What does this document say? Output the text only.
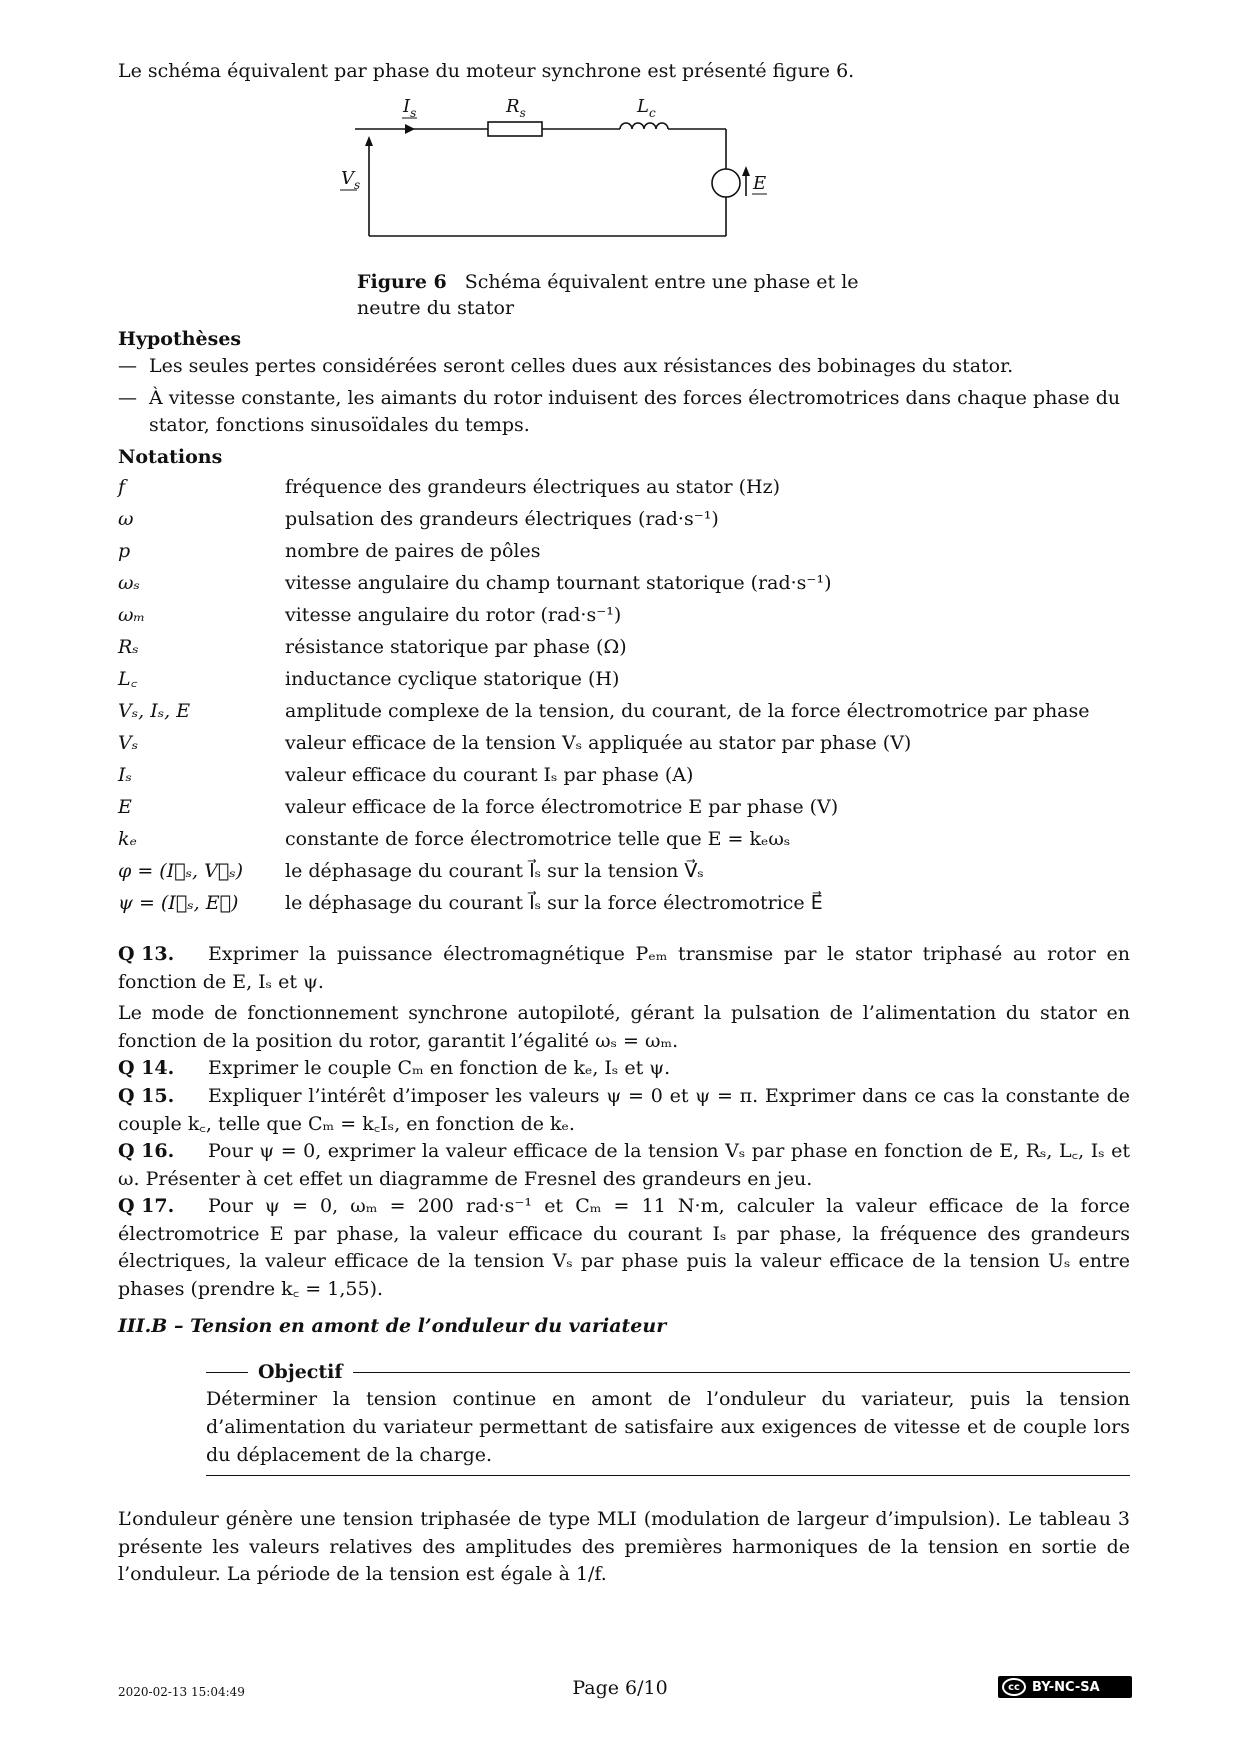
$I_s$	$R_s$	$L_c$
$V_s$	E
Figure 6 Schéma équivalent entre une phase et le neutre du stator

Le schéma équivalent par phase du moteur synchrone est présenté figure 6.

Hypothèses
— Les seules pertes considérées seront celles dues aux résistances des bobinages du stator.
— À vitesse constante, les aimants du rotor induisent des forces électromotrices dans chaque phase du stator, fonctions sinusoïdales du temps.
Notations
f	fréquence des grandeurs électriques au stator (Hz)
ω	pulsation des grandeurs électriques (rad·s⁻¹)
p	nombre de paires de pôles
ωₛ	vitesse angulaire du champ tournant statorique (rad·s⁻¹)
ωₘ	vitesse angulaire du rotor (rad·s⁻¹)
Rₛ	résistance statorique par phase (Ω)
L꜀	inductance cyclique statorique (H)
Vₛ, Iₛ, E	amplitude complexe de la tension, du courant, de la force électromotrice par phase
Vₛ	valeur efficace de la tension Vₛ appliquée au stator par phase (V)
Iₛ	valeur efficace du courant Iₛ par phase (A)
E	valeur efficace de la force électromotrice E par phase (V)
kₑ	constante de force électromotrice telle que E = kₑωₛ
φ = (I⃗ₛ, V⃗ₛ)	le déphasage du courant I⃗ₛ sur la tension V⃗ₛ
ψ = (I⃗ₛ, E⃗)	le déphasage du courant I⃗ₛ sur la force électromotrice E⃗

Q 13. Exprimer la puissance électromagnétique Pₑₘ transmise par le stator triphasé au rotor en fonction de E, Iₛ et ψ.

Le mode de fonctionnement synchrone autopiloté, gérant la pulsation de l’alimentation du stator en fonction de la position du rotor, garantit l’égalité ωₛ = ωₘ.

Q 14. Exprimer le couple Cₘ en fonction de kₑ, Iₛ et ψ.

Q 15. Expliquer l’intérêt d’imposer les valeurs ψ = 0 et ψ = π. Exprimer dans ce cas la constante de couple k꜀, telle que Cₘ = k꜀Iₛ, en fonction de kₑ.

Q 16. Pour ψ = 0, exprimer la valeur efficace de la tension Vₛ par phase en fonction de E, Rₛ, L꜀, Iₛ et ω. Présenter à cet effet un diagramme de Fresnel des grandeurs en jeu.

Q 17. Pour ψ = 0, ωₘ = 200 rad·s⁻¹ et Cₘ = 11 N·m, calculer la valeur efficace de la force électromotrice E par phase, la valeur efficace du courant Iₛ par phase, la fréquence des grandeurs électriques, la valeur efficace de la tension Vₛ par phase puis la valeur efficace de la tension Uₛ entre phases (prendre k꜀ = 1,55).

III.B – Tension en amont de l’onduleur du variateur
Objectif
Déterminer la tension continue en amont de l’onduleur du variateur, puis la tension d’alimentation du variateur permettant de satisfaire aux exigences de vitesse et de couple lors du déplacement de la charge.

L’onduleur génère une tension triphasée de type MLI (modulation de largeur d’impulsion). Le tableau 3 présente les valeurs relatives des amplitudes des premières harmoniques de la tension en sortie de l’onduleur. La période de la tension est égale à 1/f.

2020-02-13 15:04:49	Page 6/10	cc BY-NC-SA
